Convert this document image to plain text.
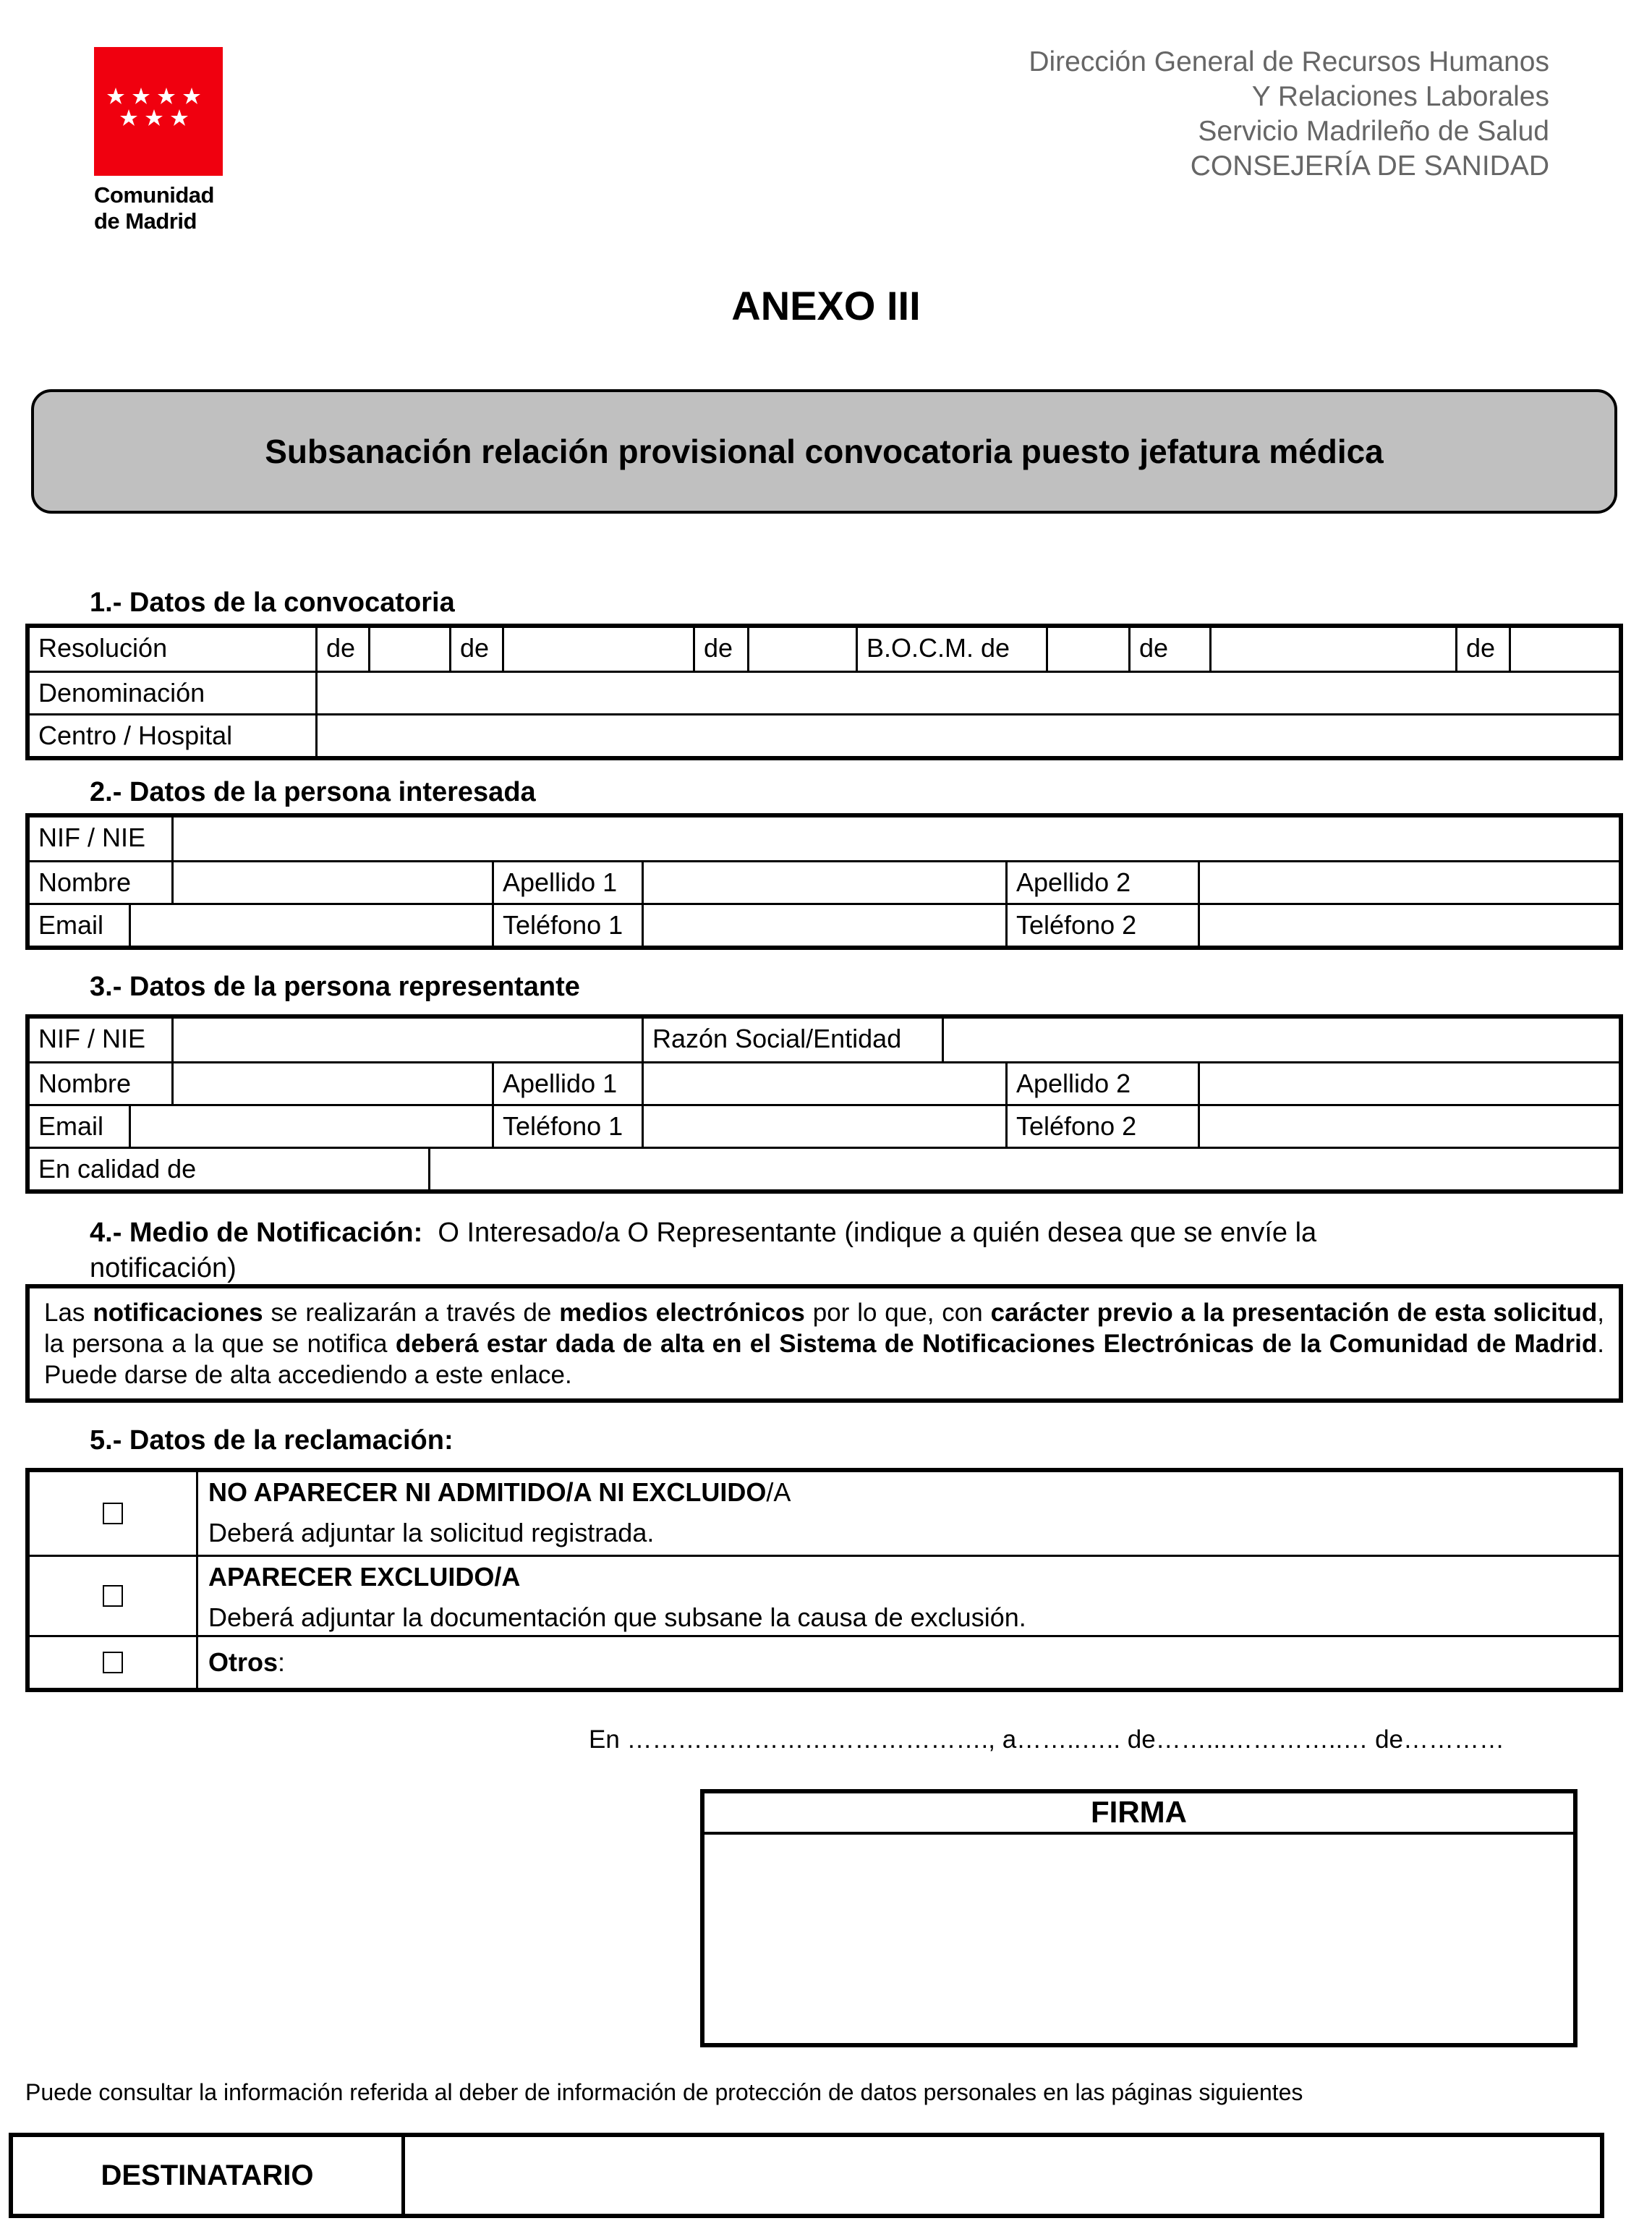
Comunidad
de Madrid
Dirección General de Recursos Humanos
Y Relaciones Laborales
Servicio Madrileño de Salud
CONSEJERÍA DE SANIDAD
ANEXO III
Subsanación relación provisional convocatoria puesto jefatura médica
1.- Datos de la convocatoria
Resolución	de	de	de	B.O.C.M. de	de	de
Denominación
Centro / Hospital
2.- Datos de la persona interesada
NIF / NIE
Nombre	Apellido 1	Apellido 2
Email	Teléfono 1	Teléfono 2
3.- Datos de la persona representante
NIF / NIE	Razón Social/Entidad
Nombre	Apellido 1	Apellido 2
Email	Teléfono 1	Teléfono 2
En calidad de
4.- Medio de Notificación: O Interesado/a O Representante (indique a quién desea que se envíe la notificación)
Las notificaciones se realizarán a través de medios electrónicos por lo que, con carácter previo a la presentación de esta solicitud, la persona a la que se notifica deberá estar dada de alta en el Sistema de Notificaciones Electrónicas de la Comunidad de Madrid. Puede darse de alta accediendo a este enlace.
5.- Datos de la reclamación:
NO APARECER NI ADMITIDO/A NI EXCLUIDO/A
Deberá adjuntar la solicitud registrada.
APARECER EXCLUIDO/A
Deberá adjuntar la documentación que subsane la causa de exclusión.
Otros:
En ……………………………………., a……..….. de……...…………..… de…………
FIRMA
Puede consultar la información referida al deber de información de protección de datos personales en las páginas siguientes
DESTINATARIO
